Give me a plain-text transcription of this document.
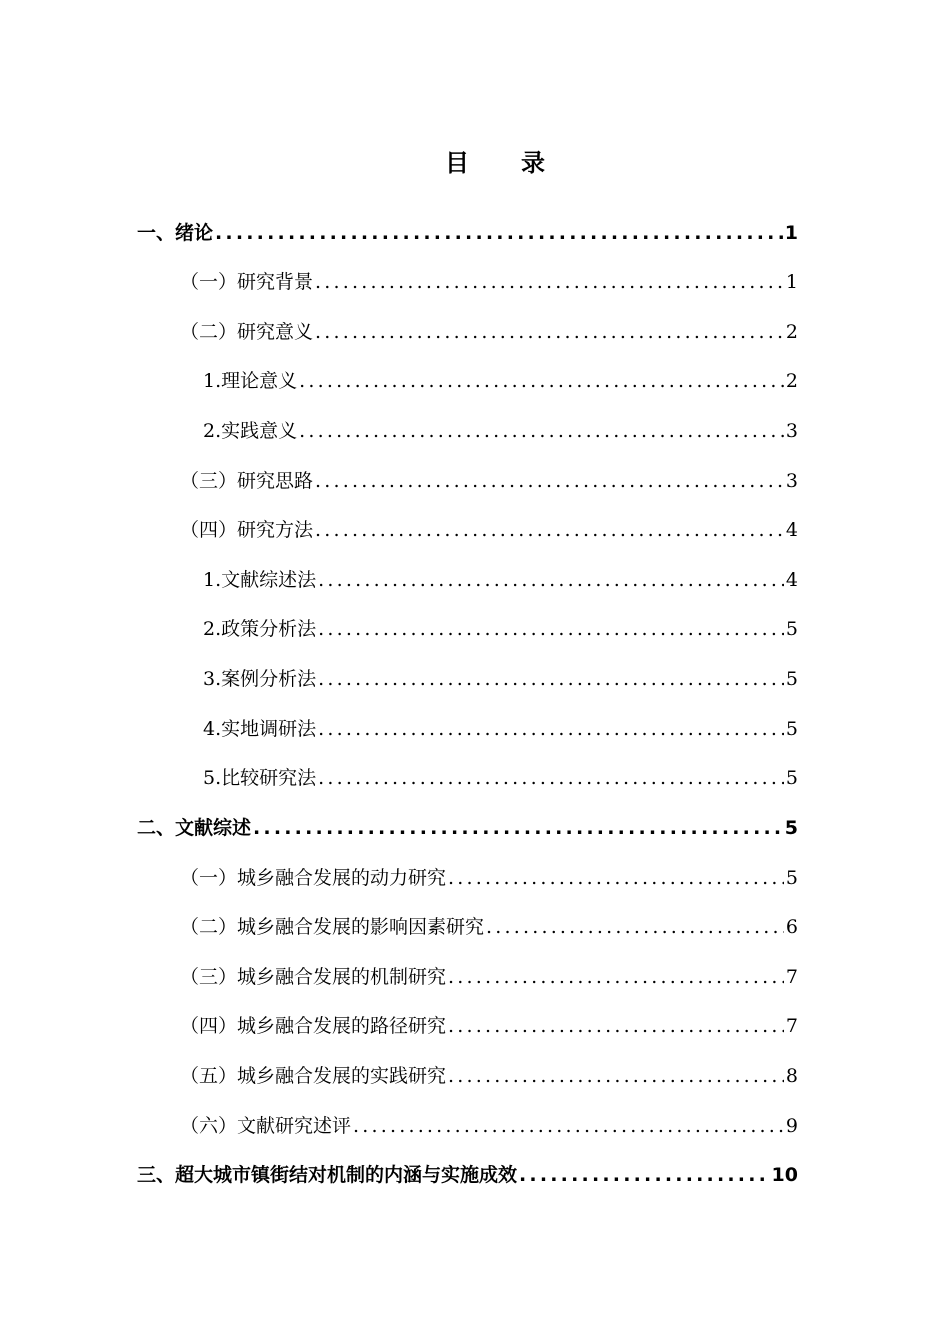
目录
一、绪论 .....	1
（一）研究背景 .....	1
（二）研究意义 .....	2
1.理论意义 .....	2
2.实践意义 .....	3
（三）研究思路 .....	3
（四）研究方法 .....	4
1.文献综述法 .....	4
2.政策分析法 .....	5
3.案例分析法 .....	5
4.实地调研法 .....	5
5.比较研究法 .....	5
二、文献综述 .....	5
（一）城乡融合发展的动力研究 .....	5
（二）城乡融合发展的影响因素研究 .....	6
（三）城乡融合发展的机制研究 .....	7
（四）城乡融合发展的路径研究 .....	7
（五）城乡融合发展的实践研究 .....	8
（六）文献研究述评 .....	9
三、超大城市镇街结对机制的内涵与实施成效 .....	10
